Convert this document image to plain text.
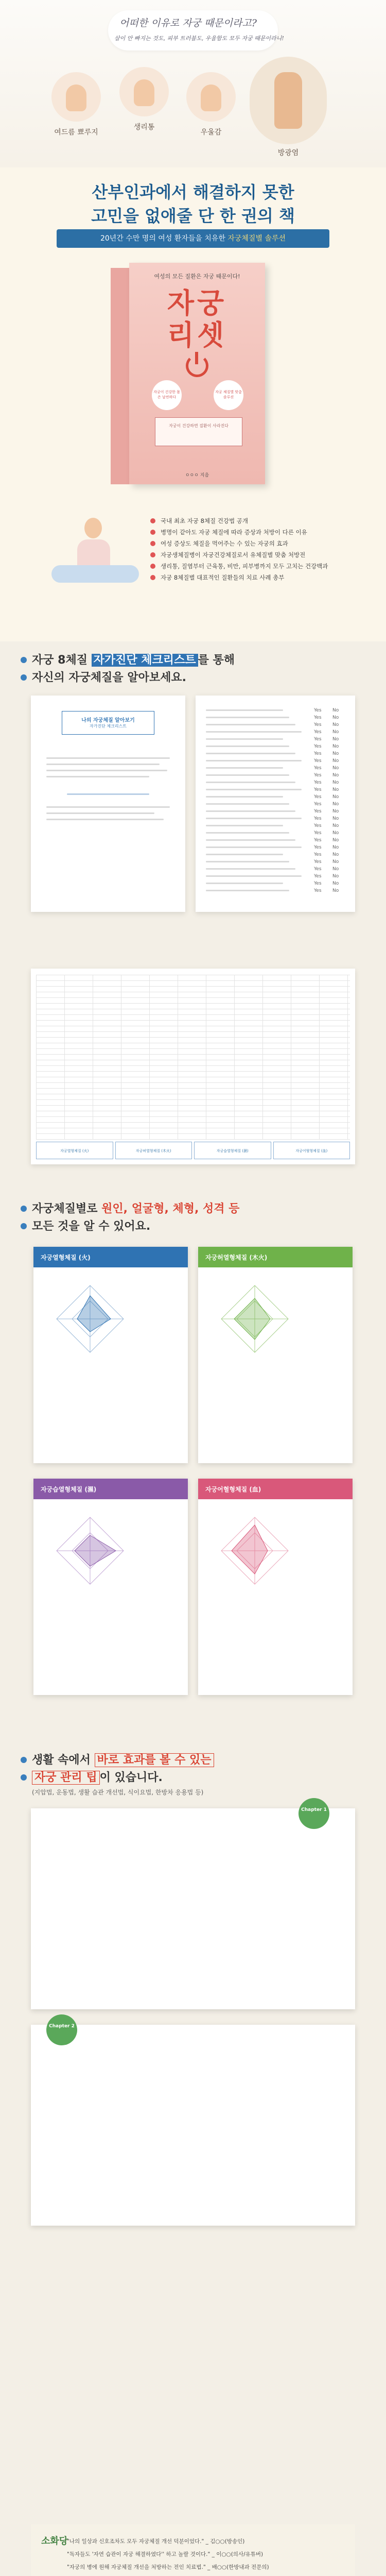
어떠한 이유로 자궁 때문이라고?
살이 안 빠지는 것도, 피부 트러블도, 우울함도 모두 자궁 때문이라니!
여드름 뾰루지
생리통
우울감
방광염
산부인과에서 해결하지 못한
고민을 없애줄 단 한 권의 책
20년간 수만 명의 여성 환자들을 치유한 자궁체질별 솔루션
여성의 모든 질환은 자궁 때문이다!
자궁
리셋
자궁이 건강한 몸은 날씬하다
자궁 체질별 맞춤 솔루션
자궁이 건강하면 질환이 사라진다
ㅇㅇㅇ 지음
국내 최초 자궁 8체질 건강법 공개
병명이 같아도 자궁 체질에 따라 증상과 처방이 다른 이유
여성 증상도 체질을 먹어주는 수 있는 자궁의 효과
자궁생체질병이 자궁건강체질로서 유체질별 맞춤 처방전
생리통, 질염부터 근육통, 비만, 피부병까지 모두 고치는 건강백과
자궁 8체질별 대표적인 질환들의 치료 사례 총부
자궁 8체질 자가진단 체크리스트 를 통해
자신의 자궁체질을 알아보세요.
나의 자궁체질 알아보기
자가진단 체크리스트
Yes No
Yes No
Yes No
Yes No
Yes No
Yes No
Yes No
Yes No
Yes No
Yes No
Yes No
Yes No
Yes No
Yes No
Yes No
Yes No
Yes No
Yes No
Yes No
Yes No
Yes No
Yes No
Yes No
Yes No
Yes No
Yes No
자궁열형체질 (火)	자궁허열형체질 (木火)	자궁습열형체질 (濕)	자궁어혈형체질 (血)
자궁체질별로 원인, 얼굴형, 체형, 성격 등
모든 것을 알 수 있어요.
자궁열형체질 (火)	자궁허열형체질 (木火)
자궁습열형체질 (濕)	자궁어혈형체질 (血)
생활 속에서 바로 효과를 볼 수 있는
자궁 관리 팁 이 있습니다.
(지압법, 운동법, 생활 습관 개선법, 식이요법, 한방차 응용법 등)
Chapter 1
Chapter 2
소화당
"나의 일상과 신호조차도 모두 자궁체질 개선 덕분이었다." _ 김○○(방송인)
"독자들도 '자연 습관이 자궁 해결하였다'' 하고 놀랄 것이다." _ 이○○(의사/유튜버)
"자궁의 병에 원해 자궁체질 개선을 처방하는 전인 치료법." _ 배○○(한방내과 전문의)
